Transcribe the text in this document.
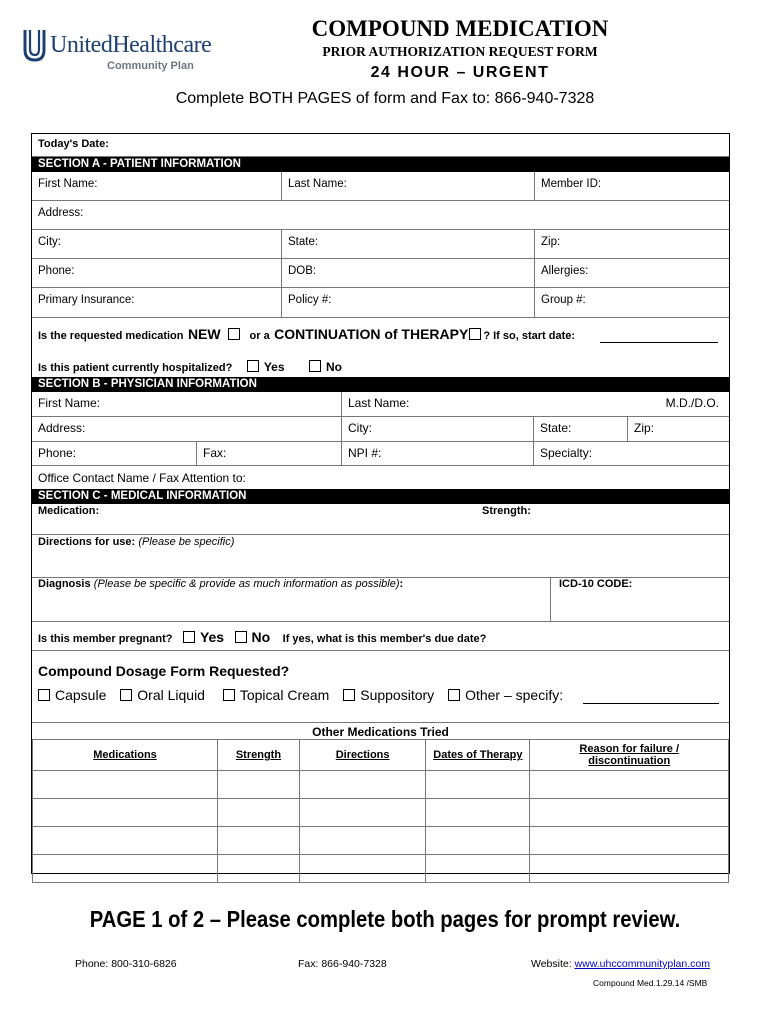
UnitedHealthcare
Community Plan
COMPOUND MEDICATION
PRIOR AUTHORIZATION REQUEST FORM
24 HOUR – URGENT
Complete BOTH PAGES of form and Fax to: 866-940-7328
Today's Date:
SECTION A - PATIENT INFORMATION
First Name:	Last Name:	Member ID:
Address:
City:	State:	Zip:
Phone:	DOB:	Allergies:
Primary Insurance:	Policy #:	Group #:
Is the requested medication NEW	or a CONTINUATION of THERAPY ? If so, start date:
Is this patient currently hospitalized?	Yes	No
SECTION B - PHYSICIAN INFORMATION
First Name:	Last Name:	M.D./D.O.
Address:	City:	State:	Zip:
Phone:	Fax:	NPI #:	Specialty:
Office Contact Name / Fax Attention to:
SECTION C - MEDICAL INFORMATION
Medication:	Strength:
Directions for use: (Please be specific)
Diagnosis (Please be specific & provide as much information as possible):	ICD-10 CODE:
Is this member pregnant? Yes No If yes, what is this member's due date?
Compound Dosage Form Requested?
Capsule Oral Liquid Topical Cream Suppository Other – specify:
Other Medications Tried
Medications	Strength	Directions	Dates of Therapy	Reason for failure / discontinuation

PAGE 1 of 2 – Please complete both pages for prompt review.
Phone: 800-310-6826	Fax: 866-940-7328	Website: www.uhccommunityplan.com
Compound Med.1.29.14 /SMB
